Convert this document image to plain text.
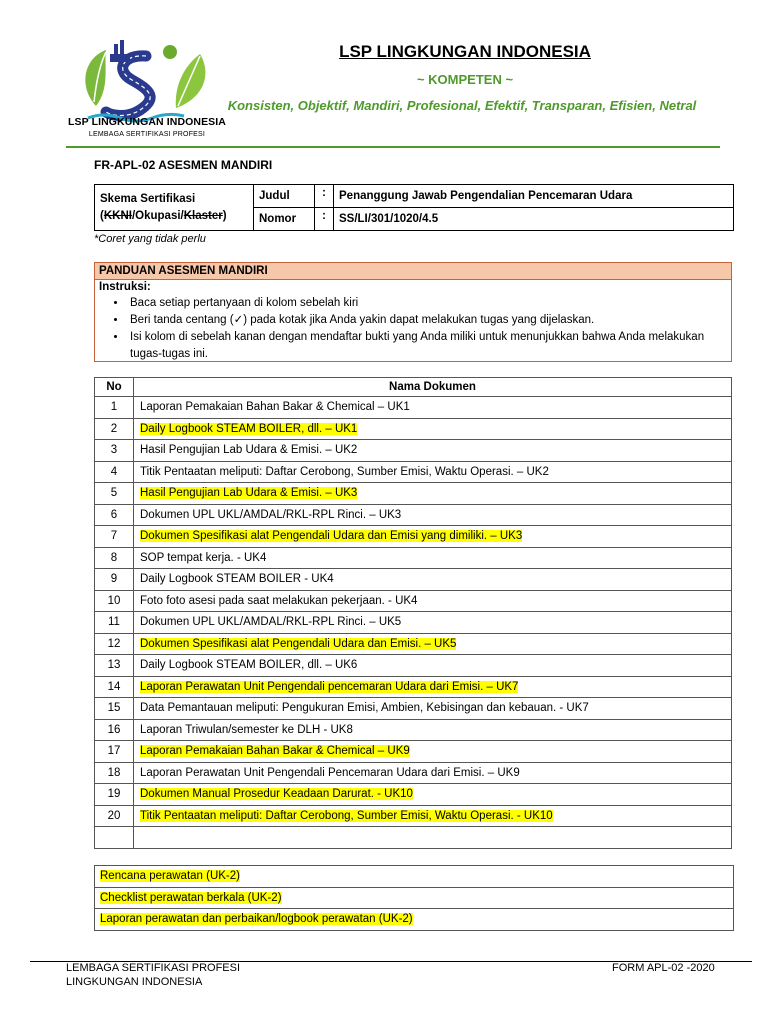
LSP LINGKUNGAN INDONESIA
LEMBAGA SERTIFIKASI PROFESI
LSP LINGKUNGAN INDONESIA
~ KOMPETEN ~
Konsisten, Objektif, Mandiri, Profesional, Efektif, Transparan, Efisien, Netral
FR-APL-02 ASESMEN MANDIRI
Skema Sertifikasi
(KKNI/Okupasi/Klaster)	Judul	:	Penanggung Jawab Pengendalian Pencemaran Udara
	Nomor	:	SS/LI/301/1020/4.5
*Coret yang tidak perlu
PANDUAN ASESMEN MANDIRI
Instruksi:
• Baca setiap pertanyaan di kolom sebelah kiri
• Beri tanda centang (✓) pada kotak jika Anda yakin dapat melakukan tugas yang dijelaskan.
• Isi kolom di sebelah kanan dengan mendaftar bukti yang Anda miliki untuk menunjukkan bahwa Anda melakukan tugas-tugas ini.
No	Nama Dokumen
1	Laporan Pemakaian Bahan Bakar & Chemical – UK1
2	Daily Logbook STEAM BOILER, dll. – UK1
3	Hasil Pengujian Lab Udara & Emisi. – UK2
4	Titik Pentaatan meliputi: Daftar Cerobong, Sumber Emisi, Waktu Operasi. – UK2
5	Hasil Pengujian Lab Udara & Emisi. – UK3
6	Dokumen UPL UKL/AMDAL/RKL-RPL Rinci. – UK3
7	Dokumen Spesifikasi alat Pengendali Udara dan Emisi yang dimiliki. – UK3
8	SOP tempat kerja. - UK4
9	Daily Logbook STEAM BOILER - UK4
10	Foto foto asesi pada saat melakukan pekerjaan. - UK4
11	Dokumen UPL UKL/AMDAL/RKL-RPL Rinci. – UK5
12	Dokumen Spesifikasi alat Pengendali Udara dan Emisi. – UK5
13	Daily Logbook STEAM BOILER, dll. – UK6
14	Laporan Perawatan Unit Pengendali pencemaran Udara dari Emisi. – UK7
15	Data Pemantauan meliputi: Pengukuran Emisi, Ambien, Kebisingan dan kebauan. - UK7
16	Laporan Triwulan/semester ke DLH - UK8
17	Laporan Pemakaian Bahan Bakar & Chemical – UK9
18	Laporan Perawatan Unit Pengendali Pencemaran Udara dari Emisi. – UK9
19	Dokumen Manual Prosedur Keadaan Darurat. - UK10
20	Titik Pentaatan meliputi: Daftar Cerobong, Sumber Emisi, Waktu Operasi. - UK10

Rencana perawatan (UK-2)
Checklist perawatan berkala (UK-2)
Laporan perawatan dan perbaikan/logbook perawatan (UK-2)
LEMBAGA SERTIFIKASI PROFESI
LINGKUNGAN INDONESIA
FORM APL-02 -2020
